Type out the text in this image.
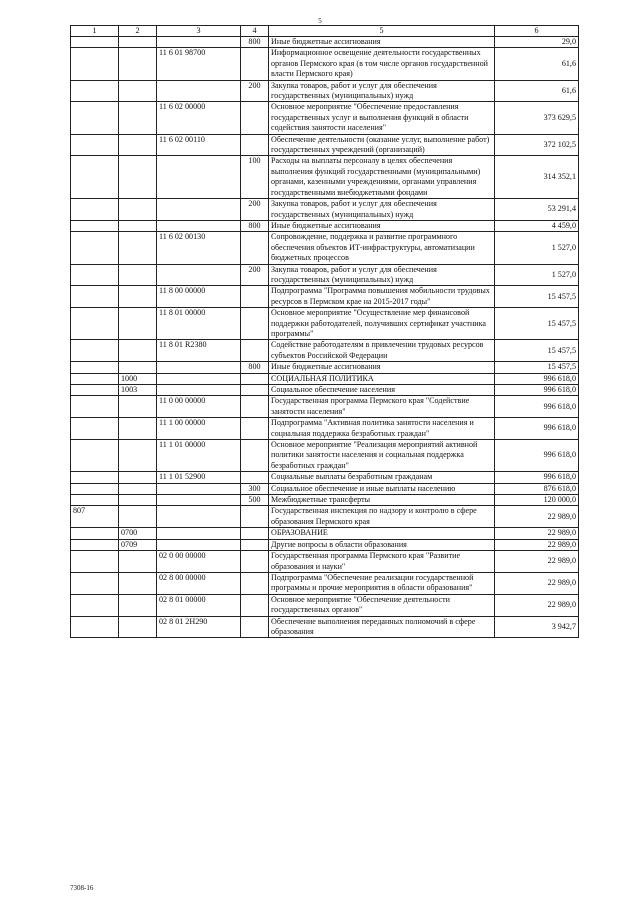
5
1	2	3	4	5	6
			800	Иные бюджетные ассигнования	29,0
		11 6 01 98700		Информационное освещение деятельности государственных органов Пермского края (в том числе органов государственной власти Пермского края)	61,6
			200	Закупка товаров, работ и услуг для обеспечения государственных (муниципальных) нужд	61,6
		11 6 02 00000		Основное мероприятие "Обеспечение предоставления государственных услуг и выполнения функций в области содействия занятости населения"	373 629,5
		11 6 02 00110		Обеспечение деятельности (оказание услуг, выполнение работ) государственных учреждений (организаций)	372 102,5
			100	Расходы на выплаты персоналу в целях обеспечения выполнения функций государственными (муниципальными) органами, казенными учреждениями, органами управления государственными внебюджетными фондами	314 352,1
			200	Закупка товаров, работ и услуг для обеспечения государственных (муниципальных) нужд	53 291,4
			800	Иные бюджетные ассигнования	4 459,0
		11 6 02 00130		Сопровождение, поддержка и развитие программного обеспечения объектов ИТ-инфраструктуры, автоматизации бюджетных процессов	1 527,0
			200	Закупка товаров, работ и услуг для обеспечения государственных (муниципальных) нужд	1 527,0
		11 8 00 00000		Подпрограмма "Программа повышения мобильности трудовых ресурсов в Пермском крае на 2015-2017 годы"	15 457,5
		11 8 01 00000		Основное мероприятие "Осуществление мер финансовой поддержки работодателей, получивших сертификат участника программы"	15 457,5
		11 8 01 R2380		Содействие работодателям в привлечении трудовых ресурсов субъектов Российской Федерации	15 457,5
			800	Иные бюджетные ассигнования	15 457,5
	1000			СОЦИАЛЬНАЯ ПОЛИТИКА	996 618,0
	1003			Социальное обеспечение населения	996 618,0
		11 0 00 00000		Государственная программа Пермского края "Содействие занятости населения"	996 618,0
		11 1 00 00000		Подпрограмма "Активная политика занятости населения и социальная поддержка безработных граждан"	996 618,0
		11 1 01 00000		Основное мероприятие "Реализация мероприятий активной политики занятости населения и социальная поддержка безработных граждан"	996 618,0
		11 1 01 52900		Социальные выплаты безработным гражданам	996 618,0
			300	Социальное обеспечение и иные выплаты населению	876 618,0
			500	Межбюджетные трансферты	120 000,0
807				Государственная инспекция по надзору и контролю в сфере образования Пермского края	22 989,0
	0700			ОБРАЗОВАНИЕ	22 989,0
	0709			Другие вопросы в области образования	22 989,0
		02 0 00 00000		Государственная программа Пермского края "Развитие образования и науки"	22 989,0
		02 8 00 00000		Подпрограмма "Обеспечение реализации государственной программы и прочие мероприятия в области образования"	22 989,0
		02 8 01 00000		Основное мероприятие "Обеспечение деятельности государственных органов"	22 989,0
		02 8 01 2H290		Обеспечение выполнения переданных полномочий в сфере образования	3 942,7
7308-16
